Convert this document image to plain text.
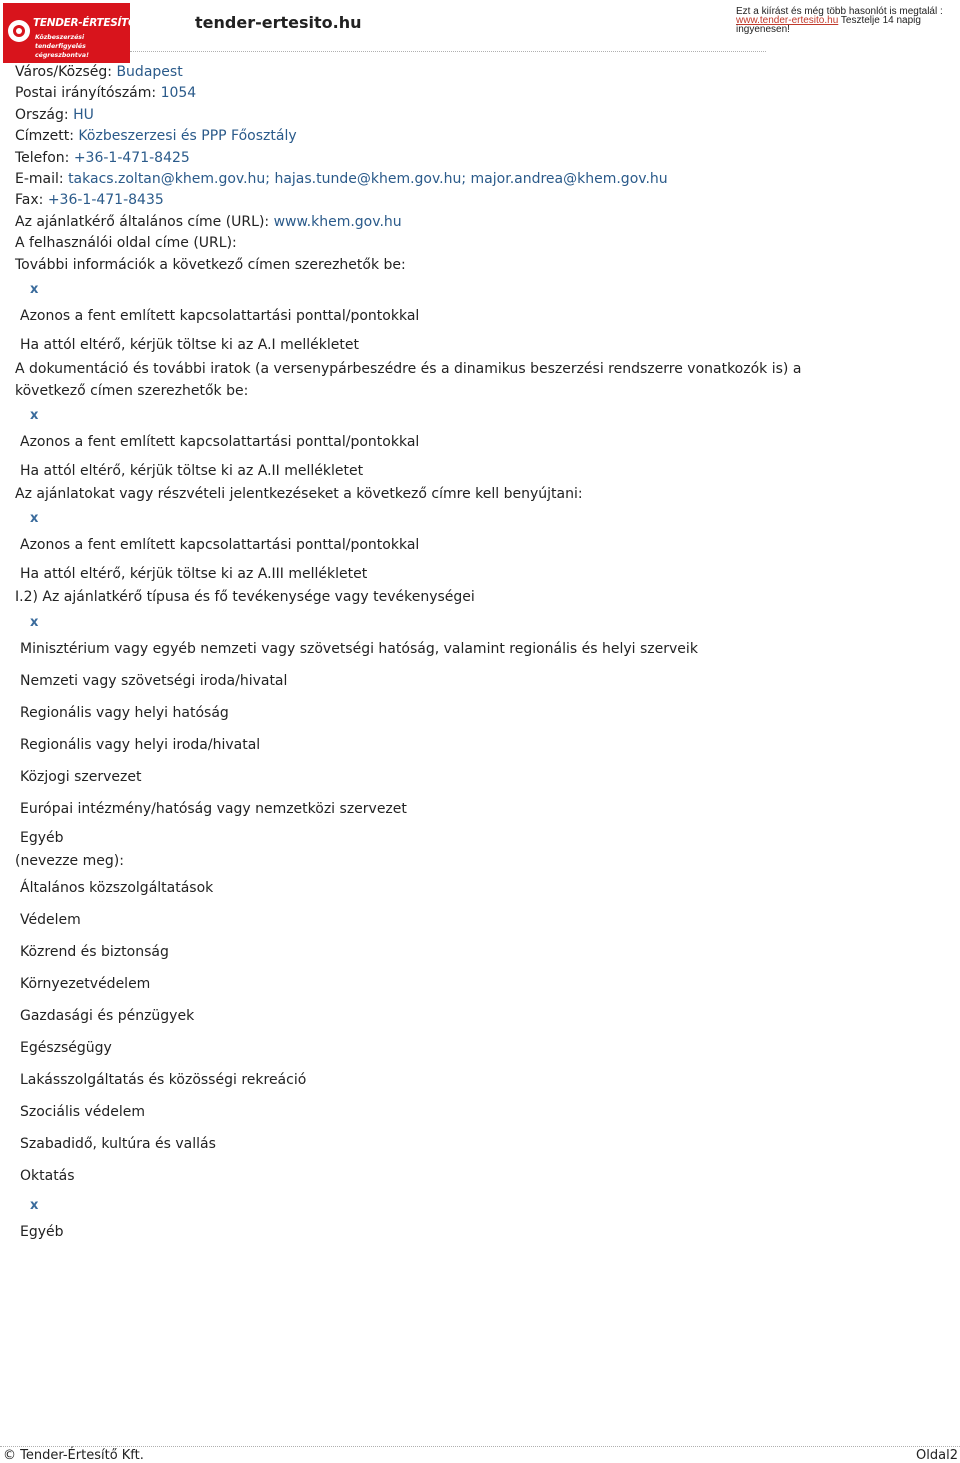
TENDER-ÉRTESÍTŐ.hu
Közbeszerzési tenderfigyelés cégreszbontva!
tender-ertesito.hu
Ezt a kiírást és még több hasonlót is megtalál :
www.tender-ertesito.hu Tesztelje 14 napig ingyenesen!
Város/Község: Budapest
Postai irányítószám: 1054
Ország: HU
Címzett: Közbeszerzesi és PPP Főosztály
Telefon: +36-1-471-8425
E-mail: takacs.zoltan@khem.gov.hu; hajas.tunde@khem.gov.hu; major.andrea@khem.gov.hu
Fax: +36-1-471-8435
Az ajánlatkérő általános címe (URL): www.khem.gov.hu
A felhasználói oldal címe (URL):
További információk a következő címen szerezhetők be:
x
Azonos a fent említett kapcsolattartási ponttal/pontokkal
Ha attól eltérő, kérjük töltse ki az A.I mellékletet
A dokumentáció és további iratok (a versenypárbeszédre és a dinamikus beszerzési rendszerre vonatkozók is) a következő címen szerezhetők be:
x
Azonos a fent említett kapcsolattartási ponttal/pontokkal
Ha attól eltérő, kérjük töltse ki az A.II mellékletet
Az ajánlatokat vagy részvételi jelentkezéseket a következő címre kell benyújtani:
x
Azonos a fent említett kapcsolattartási ponttal/pontokkal
Ha attól eltérő, kérjük töltse ki az A.III mellékletet
I.2) Az ajánlatkérő típusa és fő tevékenysége vagy tevékenységei
x
Minisztérium vagy egyéb nemzeti vagy szövetségi hatóság, valamint regionális és helyi szerveik
Nemzeti vagy szövetségi iroda/hivatal
Regionális vagy helyi hatóság
Regionális vagy helyi iroda/hivatal
Közjogi szervezet
Európai intézmény/hatóság vagy nemzetközi szervezet
Egyéb
(nevezze meg):
Általános közszolgáltatások
Védelem
Közrend és biztonság
Környezetvédelem
Gazdasági és pénzügyek
Egészségügy
Lakásszolgáltatás és közösségi rekreáció
Szociális védelem
Szabadidő, kultúra és vallás
Oktatás
x
Egyéb
© Tender-Értesítő Kft.	Oldal2
